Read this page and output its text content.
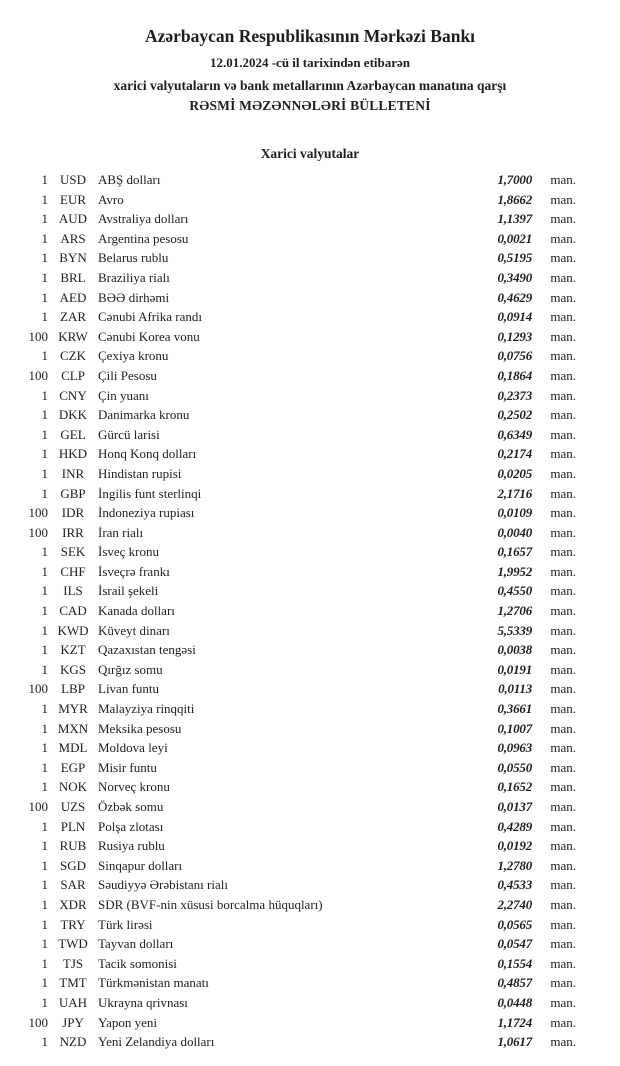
Azərbaycan Respublikasının Mərkəzi Bankı
12.01.2024 -cü il tarixindən etibarən
xarici valyutaların və bank metallarının Azərbaycan manatına qarşı
RƏSMİ MƏZƏNNƏLƏRİ BÜLLETENİ
Xarici valyutalar
1 USD ABŞ dolları	1,7000	man.
1 EUR Avro	1,8662	man.
1 AUD Avstraliya dolları	1,1397	man.
1 ARS Argentina pesosu	0,0021	man.
1 BYN Belarus rublu	0,5195	man.
1 BRL Braziliya rialı	0,3490	man.
1 AED BƏƏ dirhəmi	0,4629	man.
1 ZAR Cənubi Afrika randı	0,0914	man.
100 KRW Cənubi Korea vonu	0,1293	man.
1 CZK Çexiya kronu	0,0756	man.
100	CLP	Çili Pesosu	0,1864	man.
1 CNY Çin yuanı	0,2373	man.
1 DKK Danimarka kronu	0,2502	man.
1 GEL Gürcü larisi	0,6349	man.
1 HKD Honq Konq dolları	0,2174	man.
1	INR	Hindistan rupisi	0,0205	man.
1 GBP İngilis funt sterlinqi	2,1716	man.
100	IDR	İndoneziya rupiası	0,0109	man.
100	IRR	İran rialı	0,0040	man.
1 SEK İsveç kronu	0,1657	man.
1 CHF İsveçrə frankı	1,9952	man.
1	ILS	İsrail şekeli	0,4550	man.
1 CAD Kanada dolları	1,2706	man.
1 KWD Küveyt dinarı	5,5339	man.
1 KZT Qazaxıstan tengəsi	0,0038	man.
1 KGS Qırğız somu	0,0191	man.
100	LBP	Livan funtu	0,0113	man.
1 MYR Malayziya rinqqiti	0,3661	man.
1 MXN Meksika pesosu	0,1007	man.
1 MDL Moldova leyi	0,0963	man.
1 EGP Misir funtu	0,0550	man.
1 NOK Norveç kronu	0,1652	man.
100 UZS Özbək somu	0,0137	man.
1 PLN Polşa zlotası	0,4289	man.
1 RUB Rusiya rublu	0,0192	man.
1 SGD Sinqapur dolları	1,2780	man.
1 SAR Səudiyyə Ərəbistanı rialı	0,4533	man.
1 XDR SDR (BVF-nin xüsusi borcalma hüquqları)	2,2740	man.
1 TRY Türk lirəsi	0,0565	man.
1 TWD Tayvan dolları	0,0547	man.
1	TJS	Tacik somonisi	0,1554	man.
1 TMT Türkmənistan manatı	0,4857	man.
1 UAH Ukrayna qrivnası	0,0448	man.
100	JPY	Yapon yeni	1,1724	man.
1 NZD Yeni Zelandiya dolları	1,0617	man.
